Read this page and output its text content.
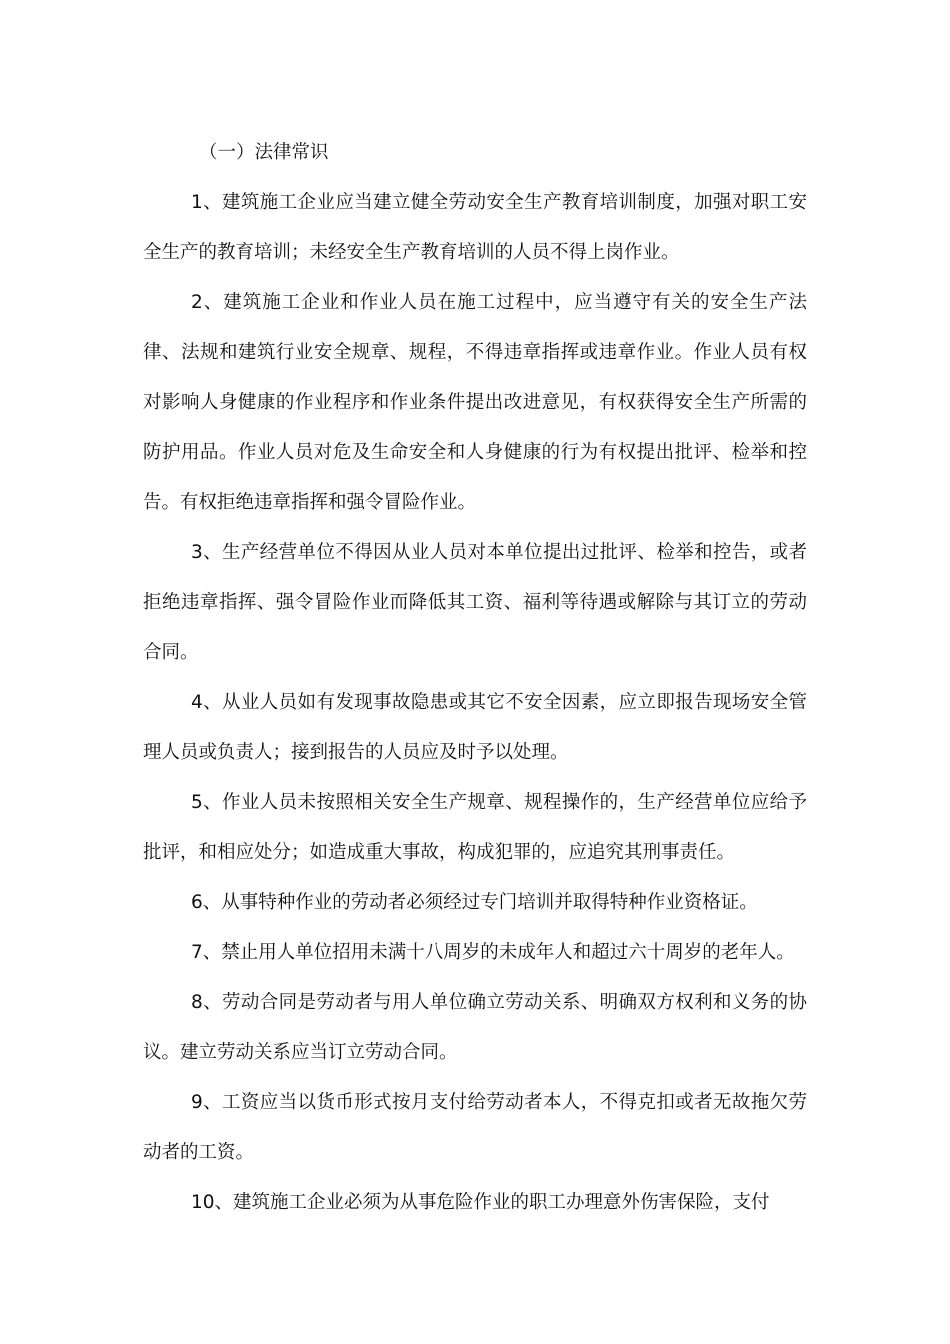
（一）法律常识

1、建筑施工企业应当建立健全劳动安全生产教育培训制度，加强对职工安全生产的教育培训；未经安全生产教育培训的人员不得上岗作业。

2、建筑施工企业和作业人员在施工过程中，应当遵守有关的安全生产法律、法规和建筑行业安全规章、规程，不得违章指挥或违章作业。作业人员有权对影响人身健康的作业程序和作业条件提出改进意见，有权获得安全生产所需的防护用品。作业人员对危及生命安全和人身健康的行为有权提出批评、检举和控告。有权拒绝违章指挥和强令冒险作业。

3、生产经营单位不得因从业人员对本单位提出过批评、检举和控告，或者拒绝违章指挥、强令冒险作业而降低其工资、福利等待遇或解除与其订立的劳动合同。

4、从业人员如有发现事故隐患或其它不安全因素，应立即报告现场安全管理人员或负责人；接到报告的人员应及时予以处理。

5、作业人员未按照相关安全生产规章、规程操作的，生产经营单位应给予批评，和相应处分；如造成重大事故，构成犯罪的，应追究其刑事责任。

6、从事特种作业的劳动者必须经过专门培训并取得特种作业资格证。

7、禁止用人单位招用未满十八周岁的未成年人和超过六十周岁的老年人。

8、劳动合同是劳动者与用人单位确立劳动关系、明确双方权利和义务的协议。建立劳动关系应当订立劳动合同。

9、工资应当以货币形式按月支付给劳动者本人，不得克扣或者无故拖欠劳动者的工资。

10、建筑施工企业必须为从事危险作业的职工办理意外伤害保险，支付
